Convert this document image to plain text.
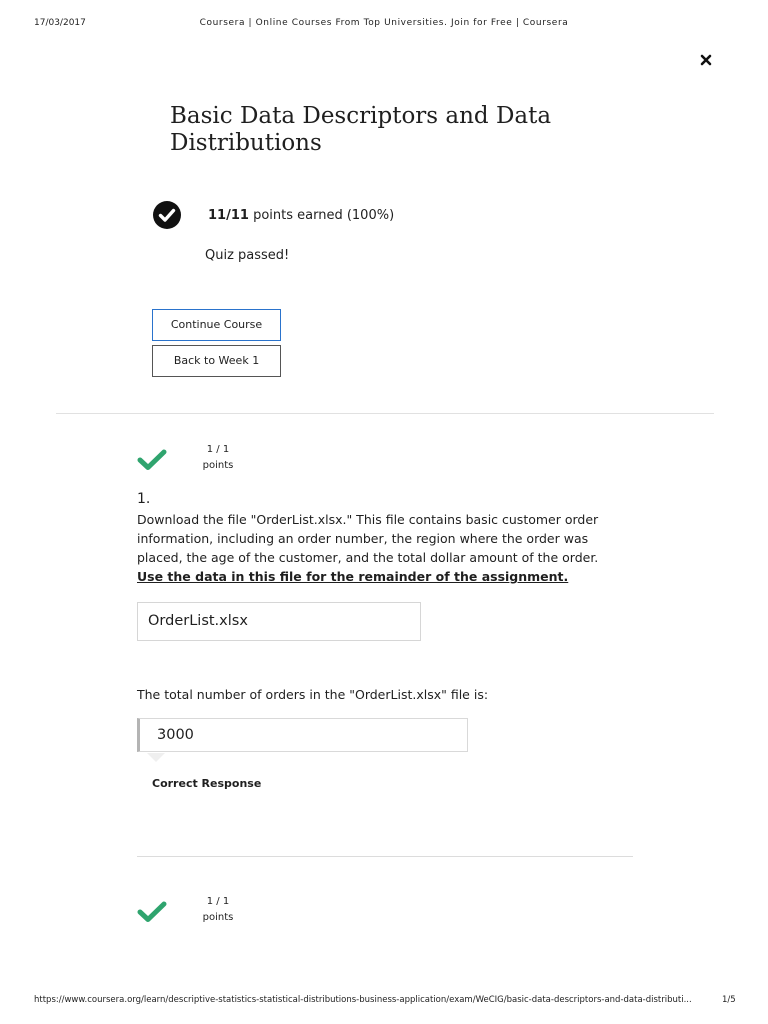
17/03/2017	Coursera | Online Courses From Top Universities. Join for Free | Coursera
Basic Data Descriptors and Data Distributions
11/11 points earned (100%)
Quiz passed!
Continue Course
Back to Week 1
1 / 1
points
1.
Download the file "OrderList.xlsx." This file contains basic customer order information, including an order number, the region where the order was placed, the age of the customer, and the total dollar amount of the order. Use the data in this file for the remainder of the assignment.
OrderList.xlsx
The total number of orders in the "OrderList.xlsx" file is:
3000
Correct Response
1 / 1
points
https://www.coursera.org/learn/descriptive-statistics-statistical-distributions-business-application/exam/WeCIG/basic-data-descriptors-and-data-distributi...	1/5
